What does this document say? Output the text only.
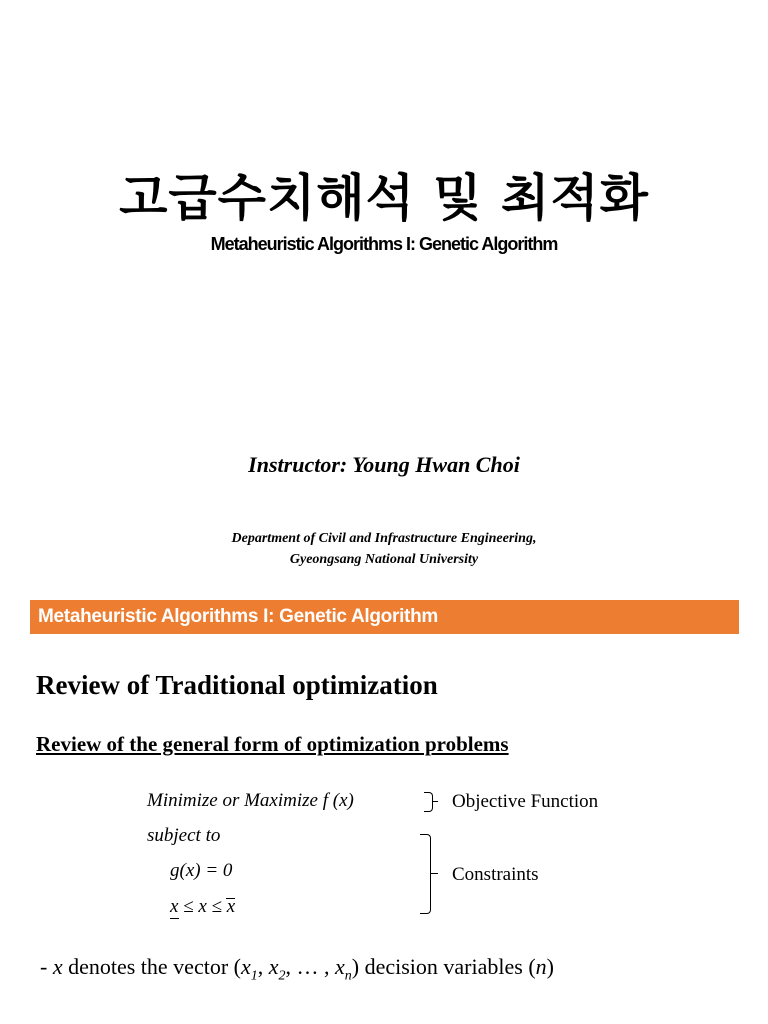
고급수치해석 및 최적화
Metaheuristic Algorithms I: Genetic Algorithm
Instructor: Young Hwan Choi
Department of Civil and Infrastructure Engineering,
Gyeongsang National University
Metaheuristic Algorithms I: Genetic Algorithm
Review of Traditional optimization
Review of the general form of optimization problems
Minimize or Maximize f (x)
subject to
g(x) = 0
x ≤ x ≤ x
Objective Function
Constraints
- x denotes the vector ($x_1$, $x_2$, … , $x_n$) decision variables (n)
